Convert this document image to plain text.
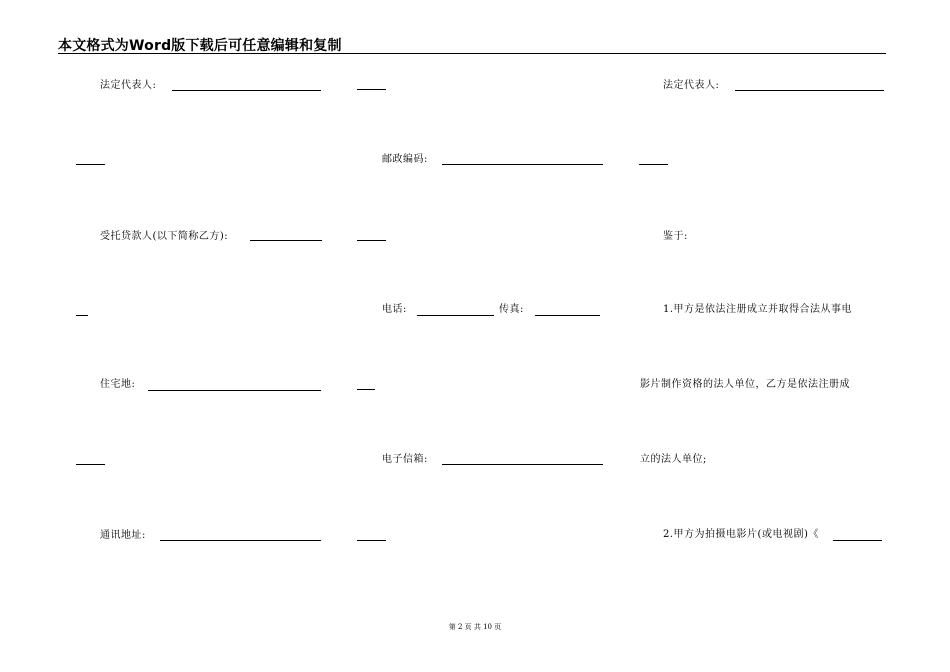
本文格式为Word版下载后可任意编辑和复制
法定代表人:
受托贷款人(以下简称乙方):
住宅地:
通讯地址:
邮政编码:
电话:	传真:
电子信箱:
法定代表人:
鉴于:
1.甲方是依法注册成立并取得合法从事电
影片制作资格的法人单位，乙方是依法注册成
立的法人单位;
2.甲方为拍摄电影片(或电视剧)《
第 2 页 共 10 页
